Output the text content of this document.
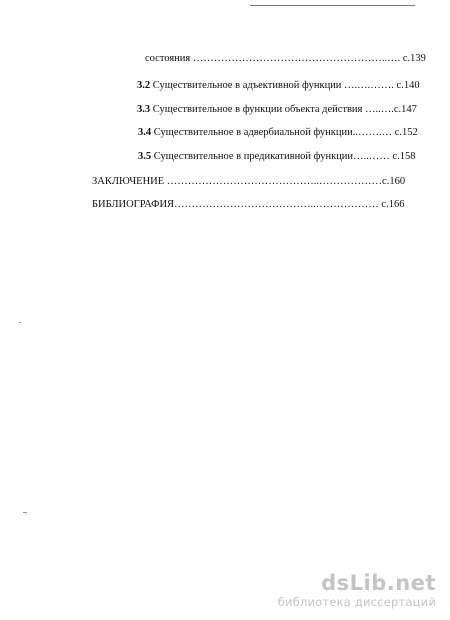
состояния ………………………………………………..…. с.139
3.2 Существительное в адъективной функции ….….……. с.140
3.3 Существительное в функции объекта действия …..….с.147
3.4 Существительное в адвербиальной функции..…….… с.152
3.5 Существительное в предикативной функции…..…… с.158
ЗАКЛЮЧЕНИЕ ……………………………………..………………с.160
БИБЛИОГРАФИЯ…………………………………..……………… с.166
dsLib.net
библиотека диссертаций
